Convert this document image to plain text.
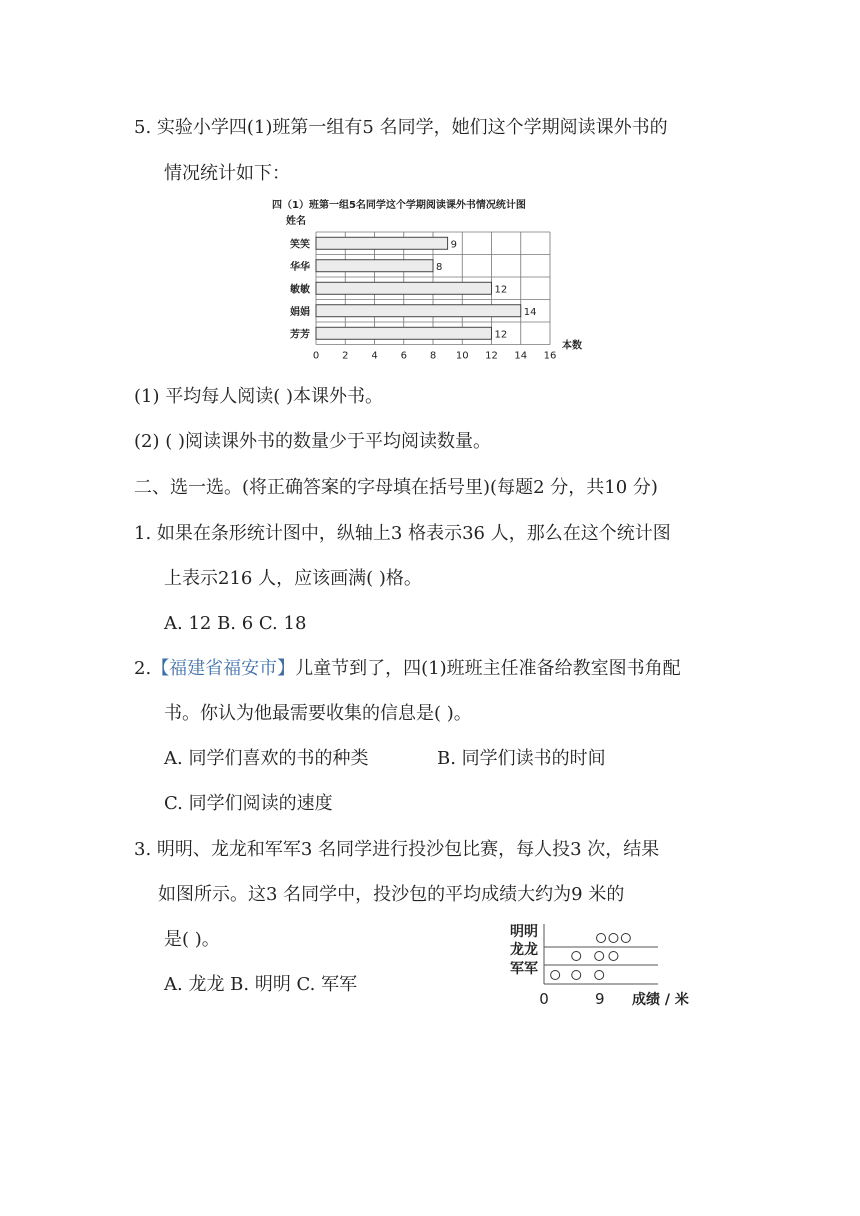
5. 实验小学四(1)班第一组有5 名同学，她们这个学期阅读课外书的
情况统计如下：
四（1）班第一组5名同学这个学期阅读课外书情况统计图
姓名
0 2 4 6 8 10 12 14 16
笑笑	9
华华	8
敏敏	12
娟娟	14
芳芳	12
本数
(1) 平均每人阅读( )本课外书。
(2) ( )阅读课外书的数量少于平均阅读数量。
二、选一选。(将正确答案的字母填在括号里)(每题2 分，共10 分)
1. 如果在条形统计图中，纵轴上3 格表示36 人，那么在这个统计图
上表示216 人，应该画满( )格。
A. 12 B. 6 C. 18
2.【福建省福安市】儿童节到了，四(1)班班主任准备给教室图书角配
书。你认为他最需要收集的信息是( )。
A. 同学们喜欢的书的种类	B. 同学们读书的时间
C. 同学们阅读的速度
3. 明明、龙龙和军军3 名同学进行投沙包比赛，每人投3 次，结果
如图所示。这3 名同学中，投沙包的平均成绩大约为9 米的
是( )。
A. 龙龙 B. 明明 C. 军军
明明
龙龙
军军
0	9 成绩 / 米
